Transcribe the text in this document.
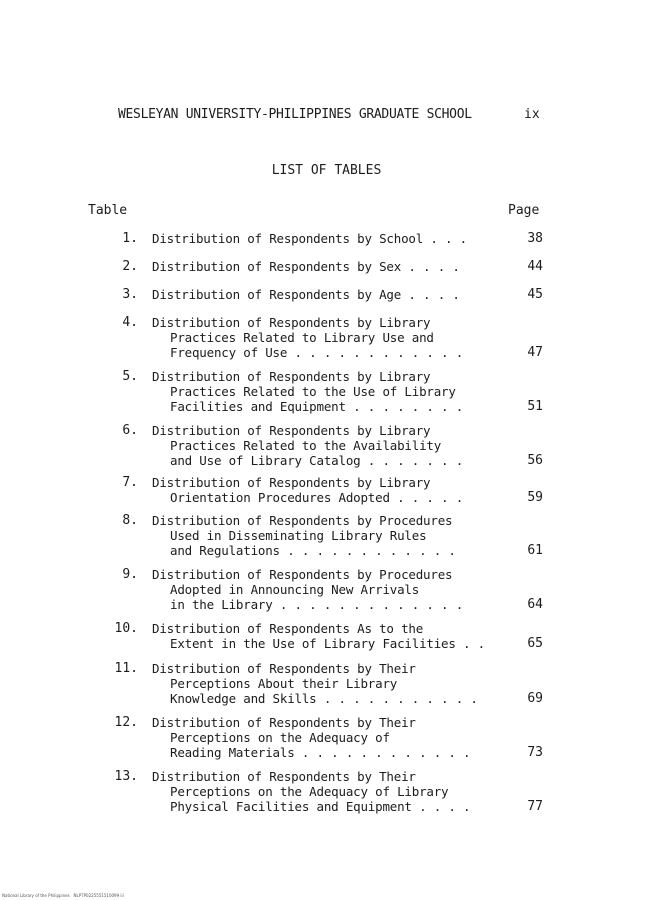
WESLEYAN UNIVERSITY-PHILIPPINES GRADUATE SCHOOL	ix
LIST OF TABLES
Table	Page
1. Distribution of Respondents by School . . .	38
2. Distribution of Respondents by Sex . . . .	44
3. Distribution of Respondents by Age . . . .	45
4. Distribution of Respondents by Library
Practices Related to Library Use and
Frequency of Use . . . . . . . . . . . .	47
5. Distribution of Respondents by Library
Practices Related to the Use of Library
Facilities and Equipment . . . . . . . .	51
6. Distribution of Respondents by Library
Practices Related to the Availability
and Use of Library Catalog . . . . . . .	56
7. Distribution of Respondents by Library
Orientation Procedures Adopted . . . . .	59
8. Distribution of Respondents by Procedures
Used in Disseminating Library Rules
and Regulations . . . . . . . . . . . .	61
9. Distribution of Respondents by Procedures
Adopted in Announcing New Arrivals
in the Library . . . . . . . . . . . . .	64
10. Distribution of Respondents As to the
Extent in the Use of Library Facilities . .	65
11. Distribution of Respondents by Their
Perceptions About their Library
Knowledge and Skills . . . . . . . . . . .	69
12. Distribution of Respondents by Their
Perceptions on the Adequacy of
Reading Materials . . . . . . . . . . . .	73
13. Distribution of Respondents by Their
Perceptions on the Adequacy of Library
Physical Facilities and Equipment . . . .	77
National Library of the Philippines NLPTP0225551510099 iii
